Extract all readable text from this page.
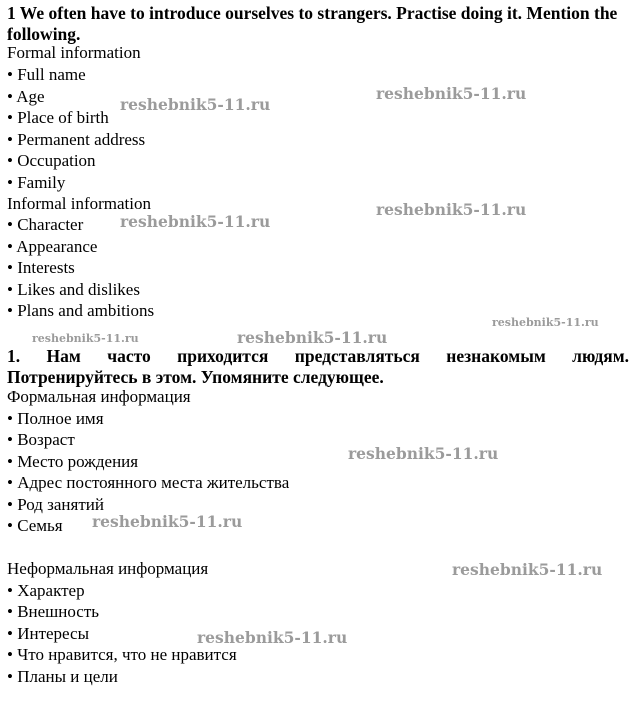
1 We often have to introduce ourselves to strangers. Practise doing it. Mention the following.
Formal information
• Full name
• Age
• Place of birth
• Permanent address
• Occupation
• Family
Informal information
• Character
• Appearance
• Interests
• Likes and dislikes
• Plans and ambitions
1. Нам часто приходится представляться незнакомым людям. Потренируйтесь в этом. Упомяните следующее.
Формальная информация
• Полное имя
• Возраст
• Место рождения
• Адрес постоянного места жительства
• Род занятий
• Семья
Неформальная информация
• Характер
• Внешность
• Интересы
• Что нравится, что не нравится
• Планы и цели
reshebnik5-11.ru
reshebnik5-11.ru
reshebnik5-11.ru
reshebnik5-11.ru
reshebnik5-11.ru	reshebnik5-11.ru
reshebnik5-11.ru
reshebnik5-11.ru
reshebnik5-11.ru
reshebnik5-11.ru
reshebnik5-11.ru
